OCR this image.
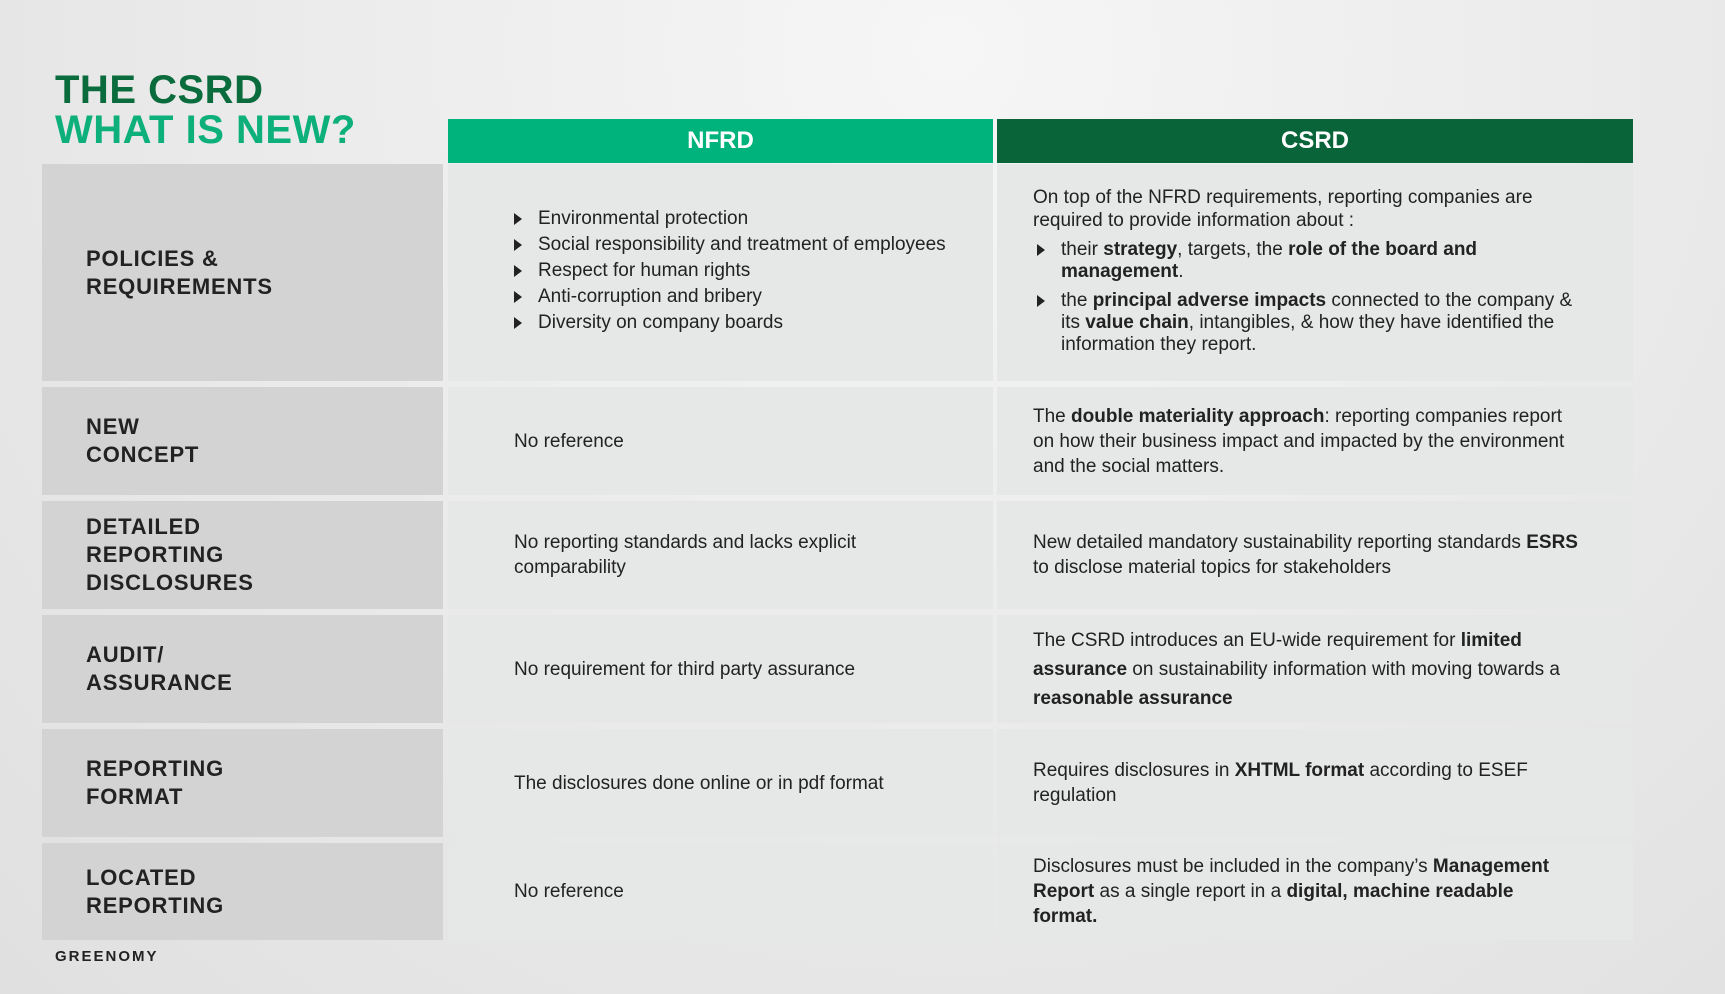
THE CSRD
WHAT IS NEW?	NFRD	CSRD
POLICIES &
REQUIREMENTS
Environmental protection
Social responsibility and treatment of employees
Respect for human rights
Anti-corruption and bribery
Diversity on company boards
On top of the NFRD requirements, reporting companies are required to provide information about :
their strategy, targets, the role of the board and management.
the principal adverse impacts connected to the company & its value chain, intangibles, & how they have identified the information they report.
NEW
CONCEPT
No reference
The double materiality approach: reporting companies report on how their business impact and impacted by the environment and the social matters.
DETAILED
REPORTING
DISCLOSURES
No reporting standards and lacks explicit comparability
New detailed mandatory sustainability reporting standards ESRS to disclose material topics for stakeholders
AUDIT/
ASSURANCE
No requirement for third party assurance
The CSRD introduces an EU-wide requirement for limited assurance on sustainability information with moving towards a reasonable assurance
REPORTING
FORMAT
The disclosures done online or in pdf format
Requires disclosures in XHTML format according to ESEF regulation
LOCATED
REPORTING
No reference
Disclosures must be included in the company’s Management Report as a single report in a digital, machine readable format.
GREENOMY
